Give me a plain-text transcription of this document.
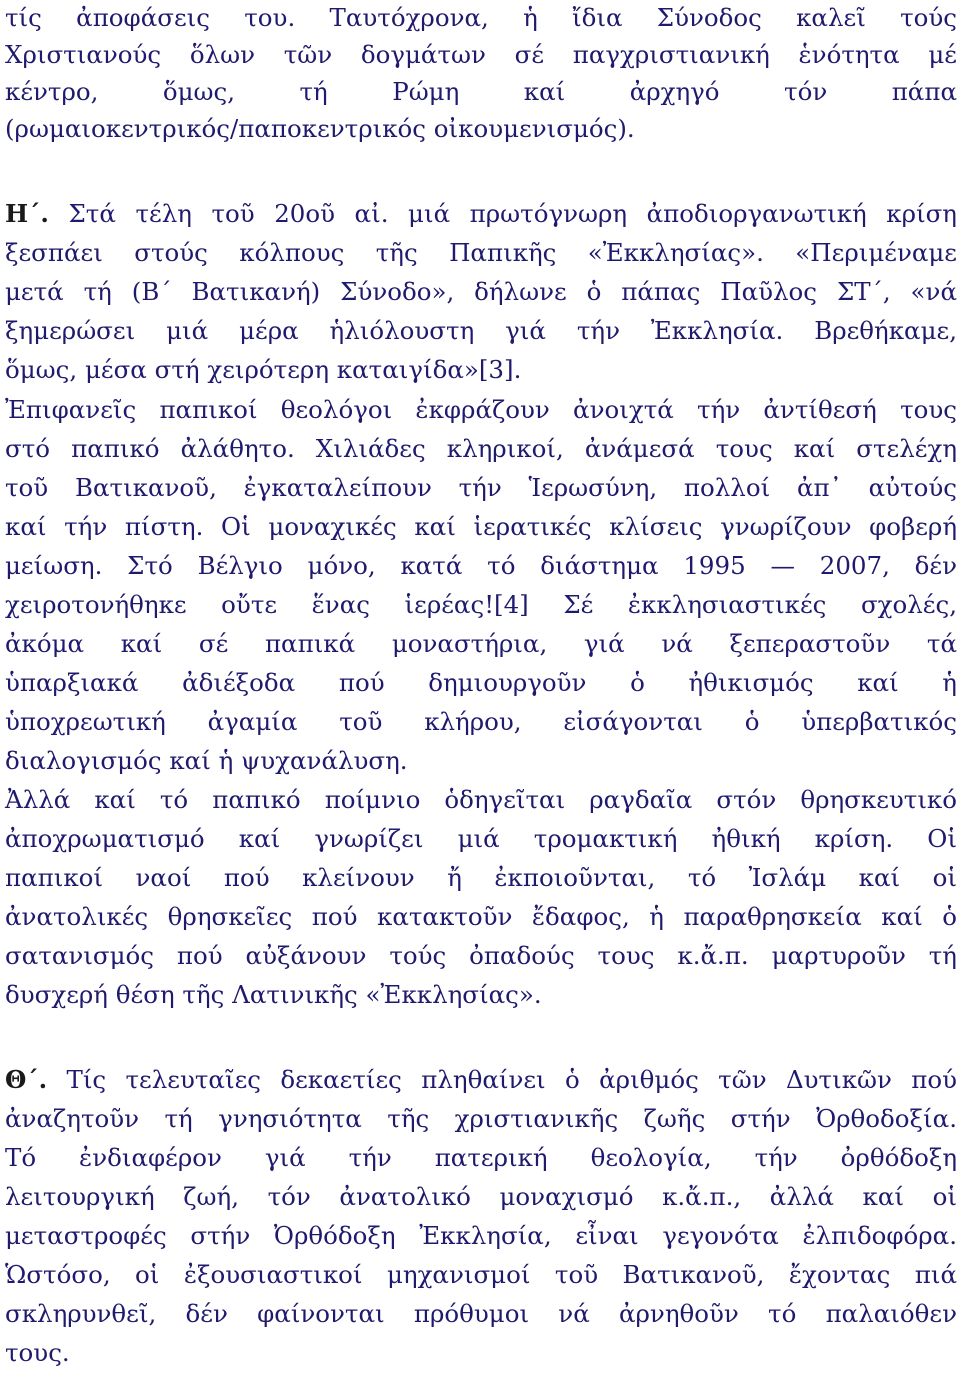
τίς ἀποφάσεις του. Ταυτόχρονα, ἡ ἴδια Σύνοδος καλεῖ τούς
Χριστιανούς ὅλων τῶν δογμάτων σέ παγχριστιανική ἑνότητα μέ
κέντρο, ὅμως, τή Ρώμη καί ἀρχηγό τόν πάπα
(ρωμαιοκεντρικός/παποκεντρικός οἰκουμενισμός).
Η΄. Στά τέλη τοῦ 20οῦ αἰ. μιά πρωτόγνωρη ἀποδιοργανωτική κρίση
ξεσπάει στούς κόλπους τῆς Παπικῆς «Ἐκκλησίας». «Περιμέναμε
μετά τή (Β΄ Βατικανή) Σύνοδο», δήλωνε ὁ πάπας Παῦλος ΣΤ΄, «νά
ξημερώσει μιά μέρα ἡλιόλουστη γιά τήν Ἐκκλησία. Βρεθήκαμε,
ὅμως, μέσα στή χειρότερη καταιγίδα»[3].
Ἐπιφανεῖς παπικοί θεολόγοι ἐκφράζουν ἀνοιχτά τήν ἀντίθεσή τους
στό παπικό ἀλάθητο. Χιλιάδες κληρικοί, ἀνάμεσά τους καί στελέχη
τοῦ Βατικανοῦ, ἐγκαταλείπουν τήν Ἱερωσύνη, πολλοί ἀπ᾽ αὐτούς
καί τήν πίστη. Οἱ μοναχικές καί ἱερατικές κλίσεις γνωρίζουν φοβερή
μείωση. Στό Βέλγιο μόνο, κατά τό διάστημα 1995 — 2007, δέν
χειροτονήθηκε οὔτε ἕνας ἱερέας![4] Σέ ἐκκλησιαστικές σχολές,
ἀκόμα καί σέ παπικά μοναστήρια, γιά νά ξεπεραστοῦν τά
ὑπαρξιακά ἀδιέξοδα πού δημιουργοῦν ὁ ἠθικισμός καί ἡ
ὑποχρεωτική ἀγαμία τοῦ κλήρου, εἰσάγονται ὁ ὑπερβατικός
διαλογισμός καί ἡ ψυχανάλυση.
Ἀλλά καί τό παπικό ποίμνιο ὁδηγεῖται ραγδαῖα στόν θρησκευτικό
ἀποχρωματισμό καί γνωρίζει μιά τρομακτική ἠθική κρίση. Οἱ
παπικοί ναοί πού κλείνουν ἤ ἐκποιοῦνται, τό Ἰσλάμ καί οἱ
ἀνατολικές θρησκεῖες πού κατακτοῦν ἔδαφος, ἡ παραθρησκεία καί ὁ
σατανισμός πού αὐξάνουν τούς ὀπαδούς τους κ.ἄ.π. μαρτυροῦν τή
δυσχερή θέση τῆς Λατινικῆς «Ἐκκλησίας».
Θ΄. Τίς τελευταῖες δεκαετίες πληθαίνει ὁ ἀριθμός τῶν Δυτικῶν πού
ἀναζητοῦν τή γνησιότητα τῆς χριστιανικῆς ζωῆς στήν Ὀρθοδοξία.
Τό ἐνδιαφέρον γιά τήν πατερική θεολογία, τήν ὀρθόδοξη
λειτουργική ζωή, τόν ἀνατολικό μοναχισμό κ.ἄ.π., ἀλλά καί οἱ
μεταστροφές στήν Ὀρθόδοξη Ἐκκλησία, εἶναι γεγονότα ἐλπιδοφόρα.
Ὡστόσο, οἱ ἐξουσιαστικοί μηχανισμοί τοῦ Βατικανοῦ, ἔχοντας πιά
σκληρυνθεῖ, δέν φαίνονται πρόθυμοι νά ἀρνηθοῦν τό παλαιόθεν
τους.
